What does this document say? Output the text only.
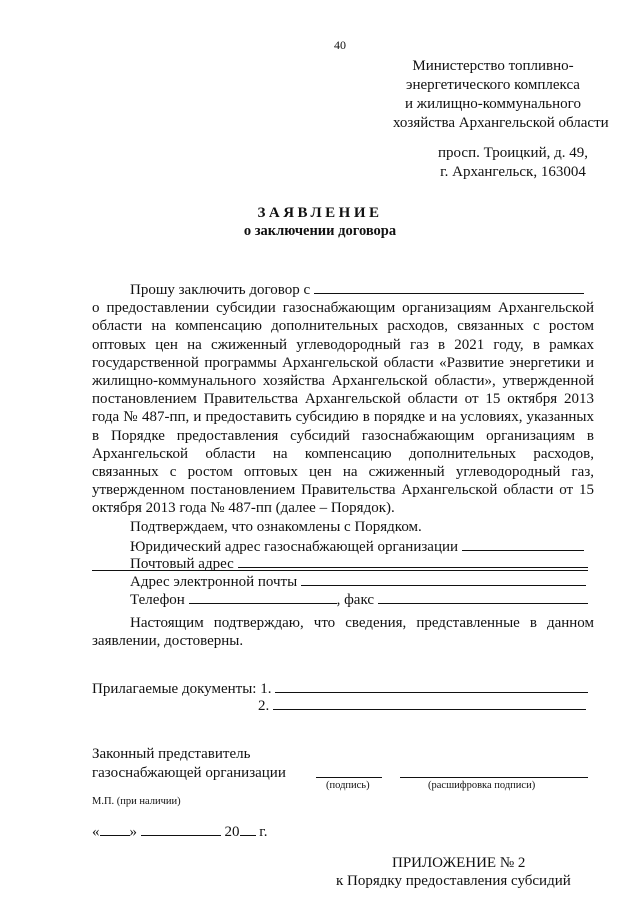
40
Министерство топливно-
энергетического комплекса
и жилищно-коммунального
хозяйства Архангельской области
просп. Троицкий, д. 49,
г. Архангельск, 163004
ЗАЯВЛЕНИЕ
о заключении договора
Прошу заключить договор с

о предоставлении субсидии газоснабжающим организациям Архангельской области на компенсацию дополнительных расходов, связанных с ростом оптовых цен на сжиженный углеводородный газ в 2021 году, в рамках государственной программы Архангельской области «Развитие энергетики и жилищно-коммунального хозяйства Архангельской области», утвержденной постановлением Правительства Архангельской области от 15 октября 2013 года № 487-пп, и предоставить субсидию в порядке и на условиях, указанных в Порядке предоставления субсидий газоснабжающим организациям в Архангельской области на компенсацию дополнительных расходов, связанных с ростом оптовых цен на сжиженный углеводородный газ, утвержденном постановлением Правительства Архангельской области от 15 октября 2013 года № 487-пп (далее – Порядок).

Подтверждаем, что ознакомлены с Порядком.
Юридический адрес газоснабжающей организации
Почтовый адрес
Адрес электронной почты
Телефон	, факс

Настоящим подтверждаю, что сведения, представленные в данном заявлении, достоверны.

Прилагаемые документы: 1.
2.
Законный представитель
газоснабжающей организации
(подпись)	(расшифровка подписи)
М.П. (при наличии)
« »	20 г.
ПРИЛОЖЕНИЕ № 2
к Порядку предоставления субсидий
